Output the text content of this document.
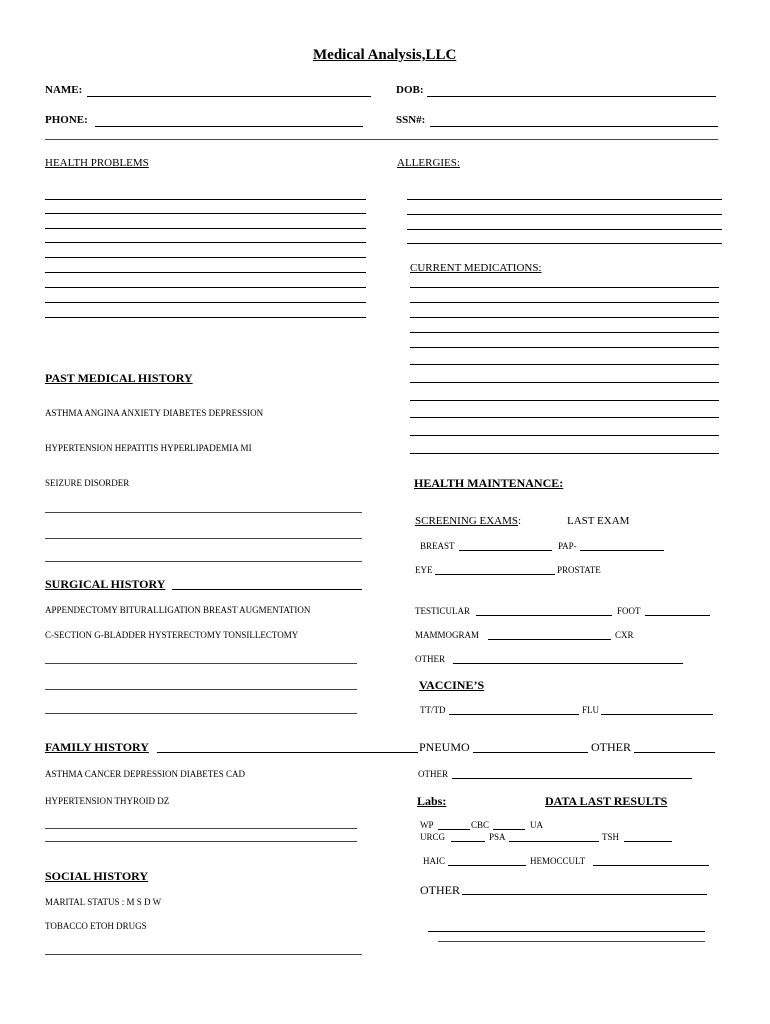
Medical Analysis,LLC
NAME:	DOB:
PHONE:	SSN#:
HEALTH PROBLEMS	ALLERGIES:
CURRENT MEDICATIONS:
PAST MEDICAL HISTORY
ASTHMA ANGINA ANXIETY DIABETES DEPRESSION
HYPERTENSION HEPATITIS HYPERLIPADEMIA MI
SEIZURE DISORDER	HEALTH MAINTENANCE:
SCREENING EXAMS:	LAST EXAM
BREAST	PAP-
EYE	PROSTATE
SURGICAL HISTORY
APPENDECTOMY BITURALLIGATION BREAST AUGMENTATION
C-SECTION G-BLADDER HYSTERECTOMY TONSILLECTOMY
TESTICULAR	FOOT
MAMMOGRAM	CXR
OTHER
VACCINE’S
TT/TD	FLU
FAMILY HISTORY	PNEUMO	OTHER
ASTHMA CANCER DEPRESSION DIABETES CAD	OTHER
HYPERTENSION THYROID DZ	Labs:	DATA LAST RESULTS
WP	CBC	UA
URCG	PSA	TSH
HAIC	HEMOCCULT
OTHER
SOCIAL HISTORY
MARITAL STATUS : M S D W
TOBACCO ETOH DRUGS
